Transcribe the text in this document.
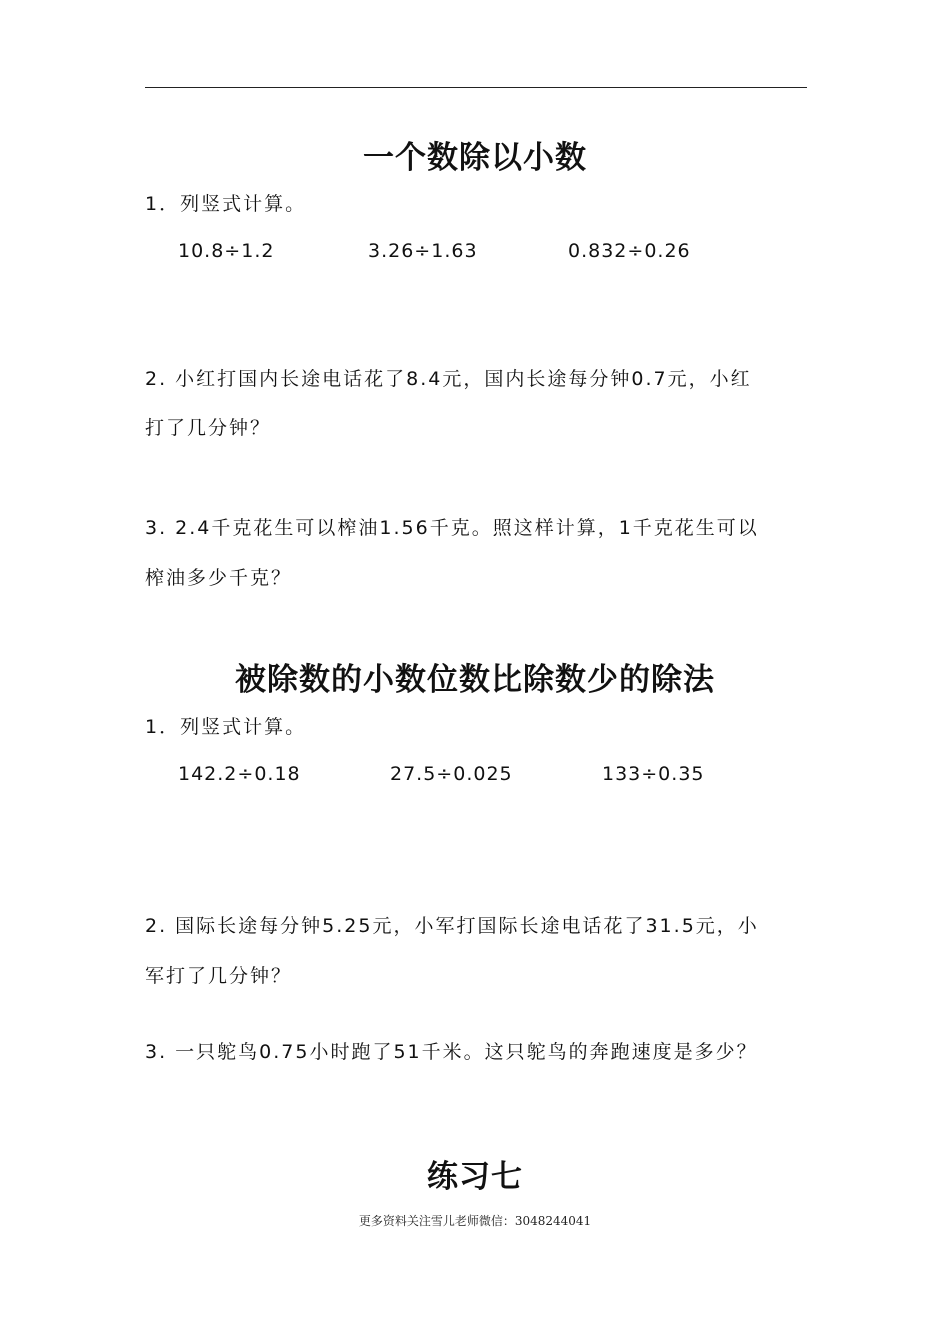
一个数除以小数
1．列竖式计算。
10.8÷1.2	3.26÷1.63	0.832÷0.26
2. 小红打国内长途电话花了8.4元，国内长途每分钟0.7元，小红
打了几分钟？
3. 2.4千克花生可以榨油1.56千克。照这样计算，1千克花生可以
榨油多少千克？
被除数的小数位数比除数少的除法
1．列竖式计算。
142.2÷0.18	27.5÷0.025	133÷0.35
2. 国际长途每分钟5.25元，小军打国际长途电话花了31.5元，小
军打了几分钟？
3. 一只鸵鸟0.75小时跑了51千米。这只鸵鸟的奔跑速度是多少？
练习七
更多资料关注雪儿老师微信：3048244041
